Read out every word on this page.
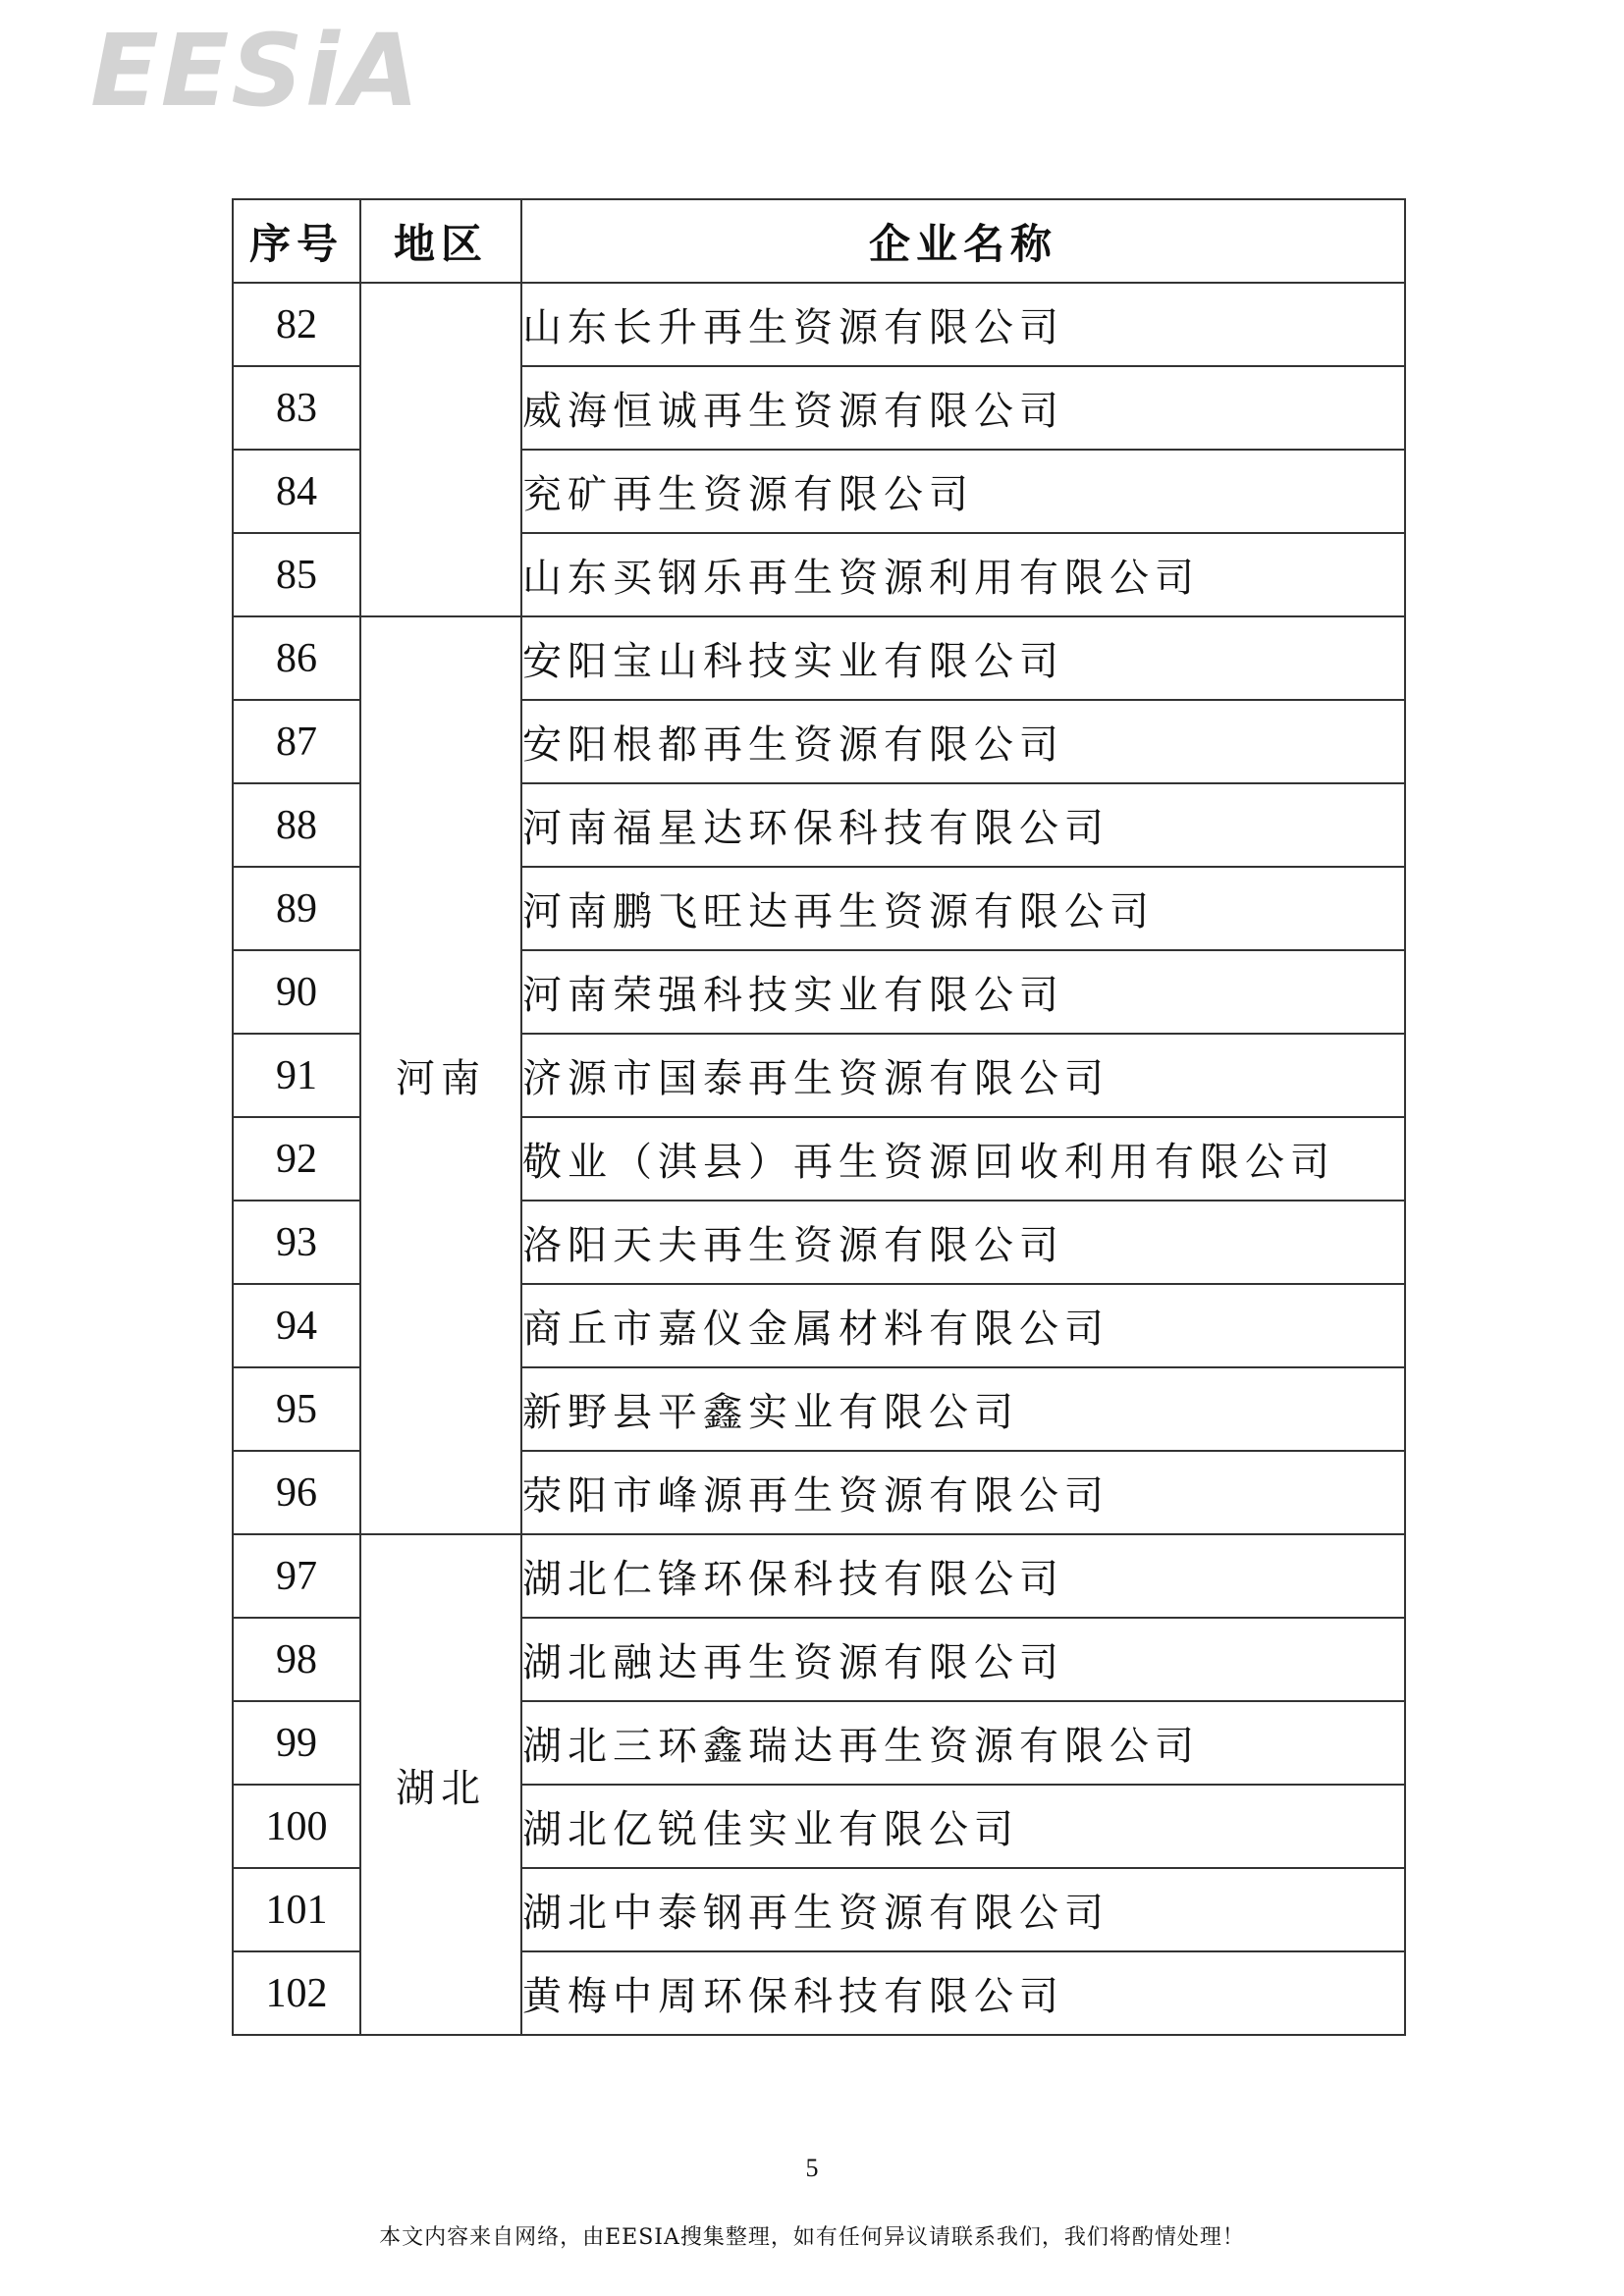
EESiA
序号	地区	企业名称
82		山东长升再生资源有限公司
83		威海恒诚再生资源有限公司
84		兖矿再生资源有限公司
85		山东买钢乐再生资源利用有限公司
86	河南	安阳宝山科技实业有限公司
87		安阳根都再生资源有限公司
88		河南福星达环保科技有限公司
89		河南鹏飞旺达再生资源有限公司
90		河南荣强科技实业有限公司
91		济源市国泰再生资源有限公司
92		敬业（淇县）再生资源回收利用有限公司
93		洛阳天夫再生资源有限公司
94		商丘市嘉仪金属材料有限公司
95		新野县平鑫实业有限公司
96		荥阳市峰源再生资源有限公司
97	湖北	湖北仁锋环保科技有限公司
98		湖北融达再生资源有限公司
99		湖北三环鑫瑞达再生资源有限公司
100		湖北亿锐佳实业有限公司
101		湖北中泰钢再生资源有限公司
102		黄梅中周环保科技有限公司
5
本文内容来自网络，由EESIA搜集整理，如有任何异议请联系我们，我们将酌情处理！
